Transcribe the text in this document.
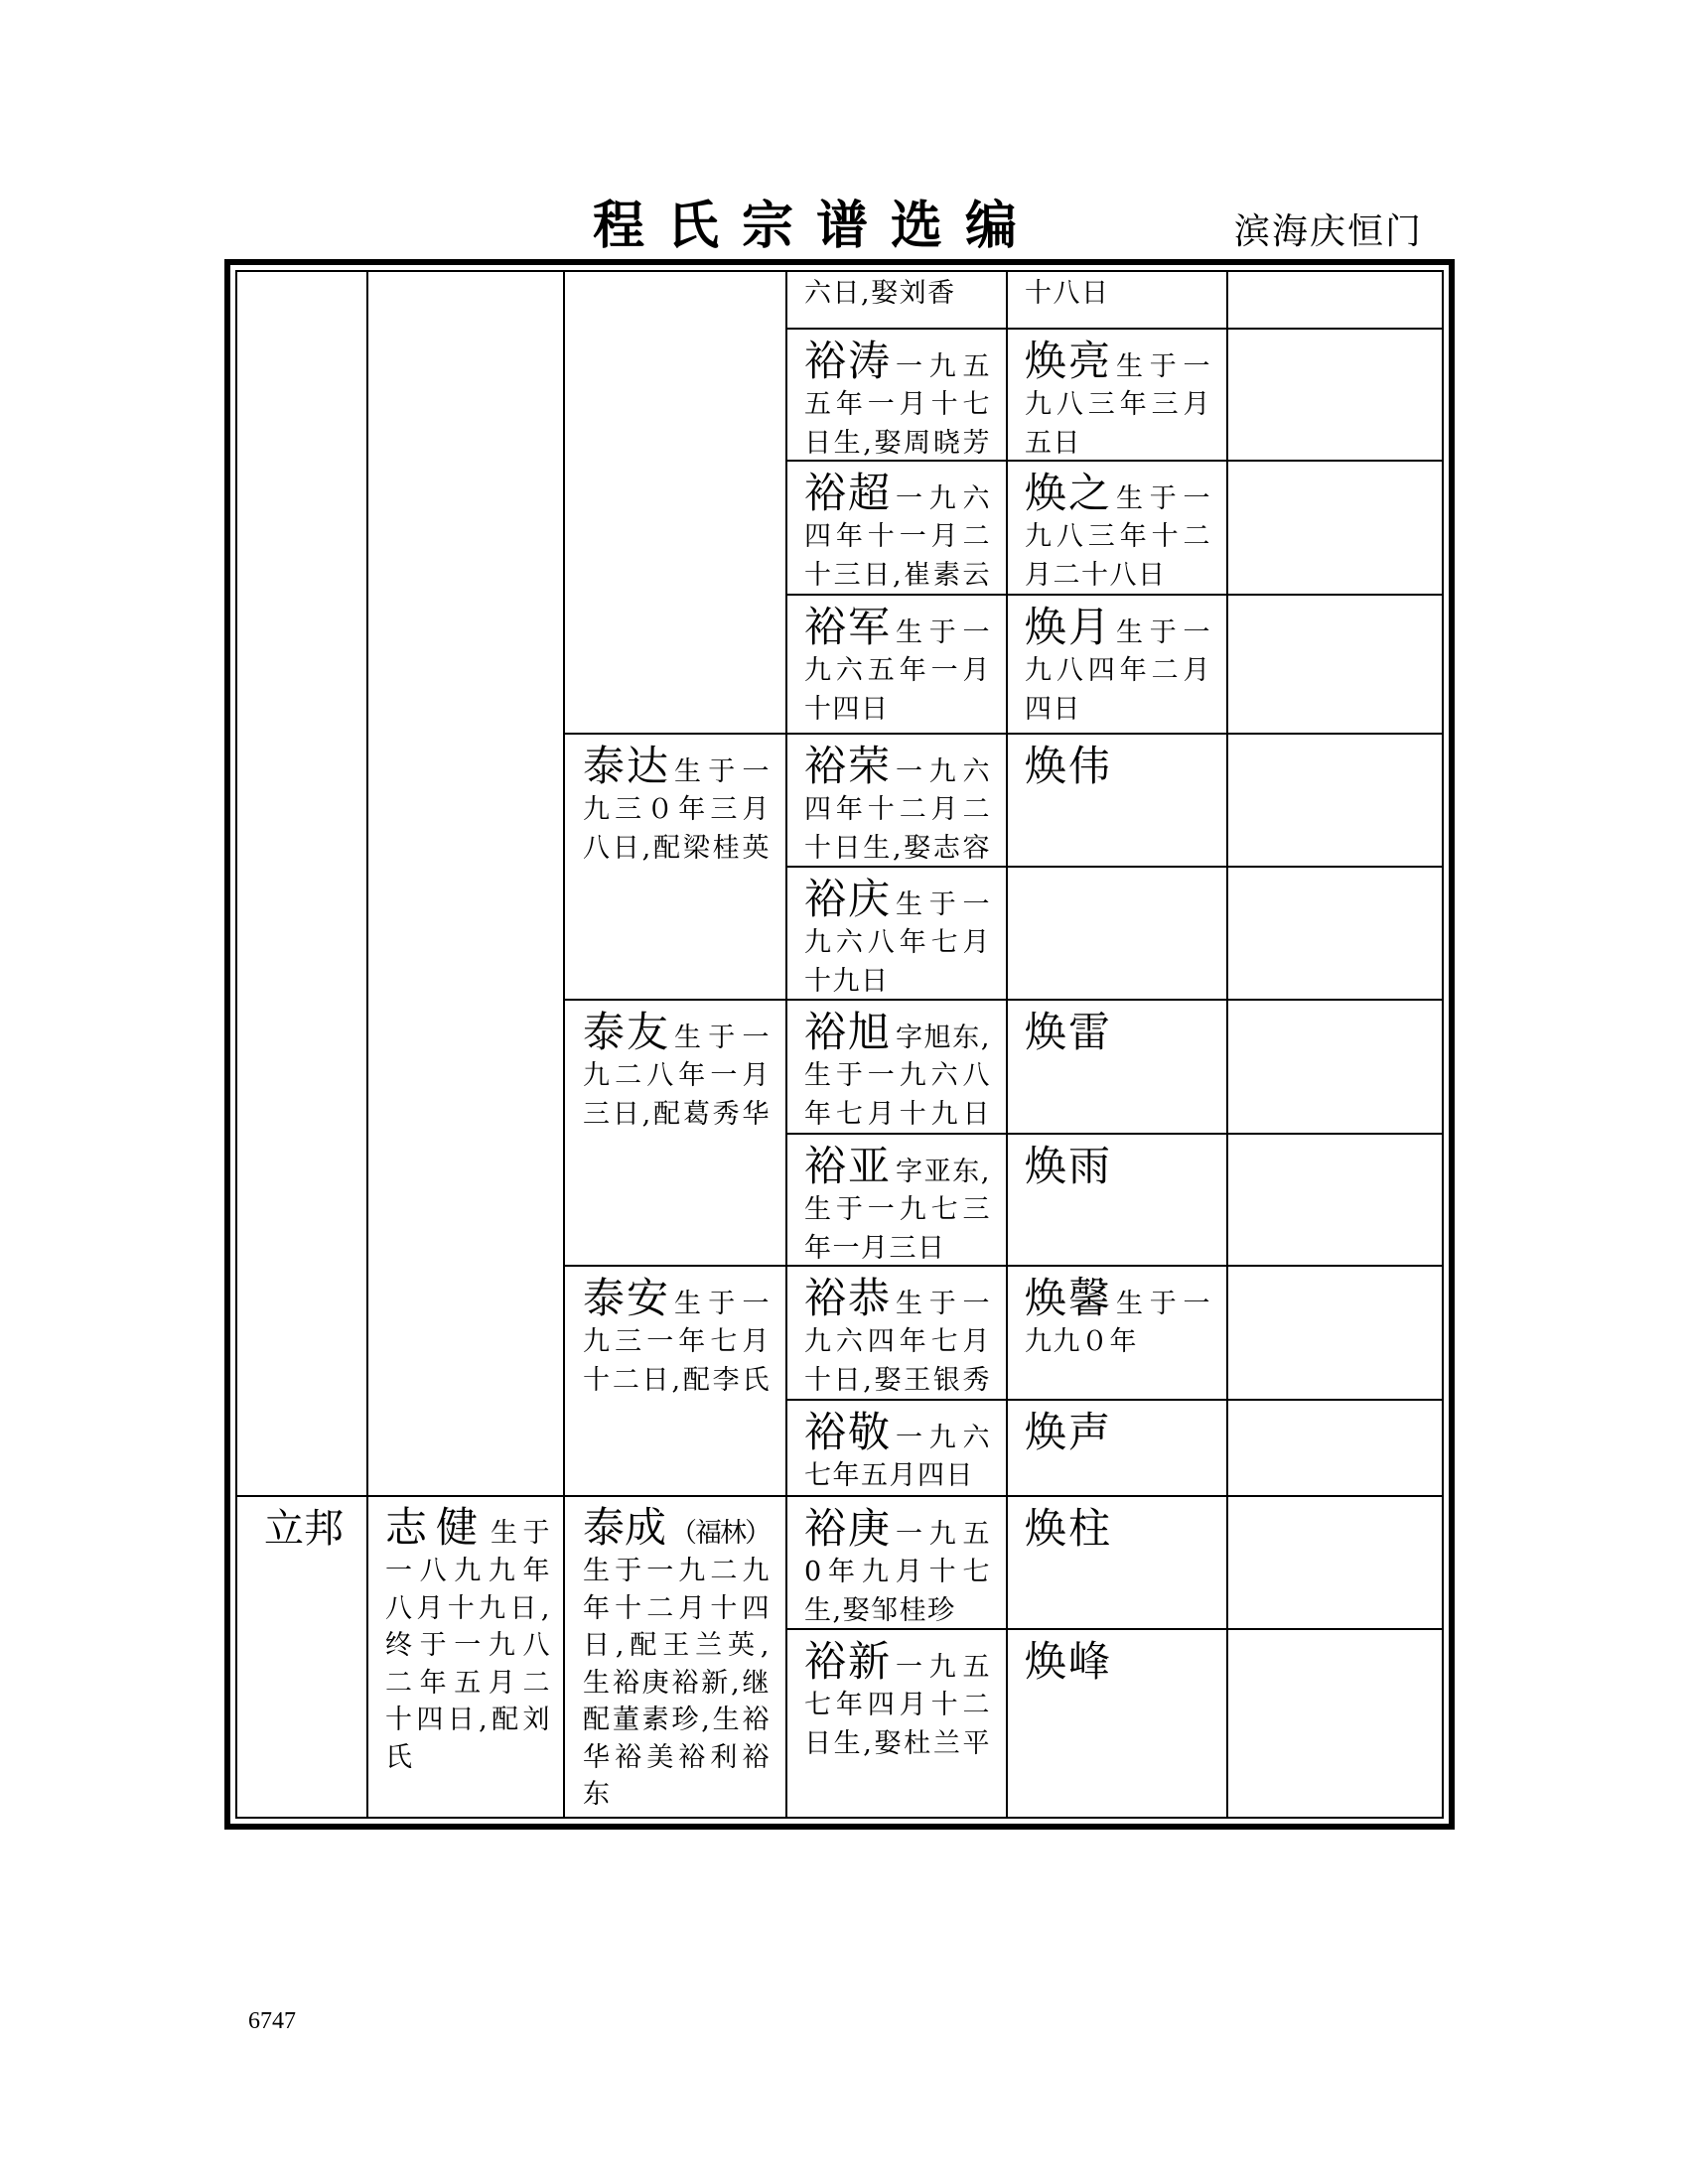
程氏宗谱选编	滨海庆恒门
立邦	志健 生于
一八九九年
八月十九日,
终于一九八
二年五月二
十四日,配刘
氏
泰达 生于一
九三０年三月
八日,配梁桂英
泰友 生于一
九二八年一月
三日,配葛秀华
泰安 生于一
九三一年七月
十二日,配李氏
泰成 （福林）
生于一九二九
年十二月十四
日,配王兰英,
生裕庚裕新,继
配董素珍,生裕
华裕美裕利裕
东
六日,娶刘香
裕涛 一九五
五年一月十七
日生,娶周晓芳
裕超 一九六
四年十一月二
十三日,崔素云
裕军 生于一
九六五年一月
十四日
裕荣 一九六
四年十二月二
十日生,娶志容
裕庆 生于一
九六八年七月
十九日
裕旭 字旭东,
生于一九六八
年七月十九日
裕亚 字亚东,
生于一九七三
年一月三日
裕恭 生于一
九六四年七月
十日,娶王银秀
裕敬 一九六
七年五月四日
裕庚 一九五
0年九月十七
生,娶邹桂珍
裕新 一九五
七年四月十二
日生,娶杜兰平
十八日
焕亮 生于一
九八三年三月
五日
焕之 生于一
九八三年十二
月二十八日
焕月 生于一
九八四年二月
四日
焕伟
焕雷
焕雨
焕馨 生于一
九九０年
焕声
焕柱
焕峰
6747
